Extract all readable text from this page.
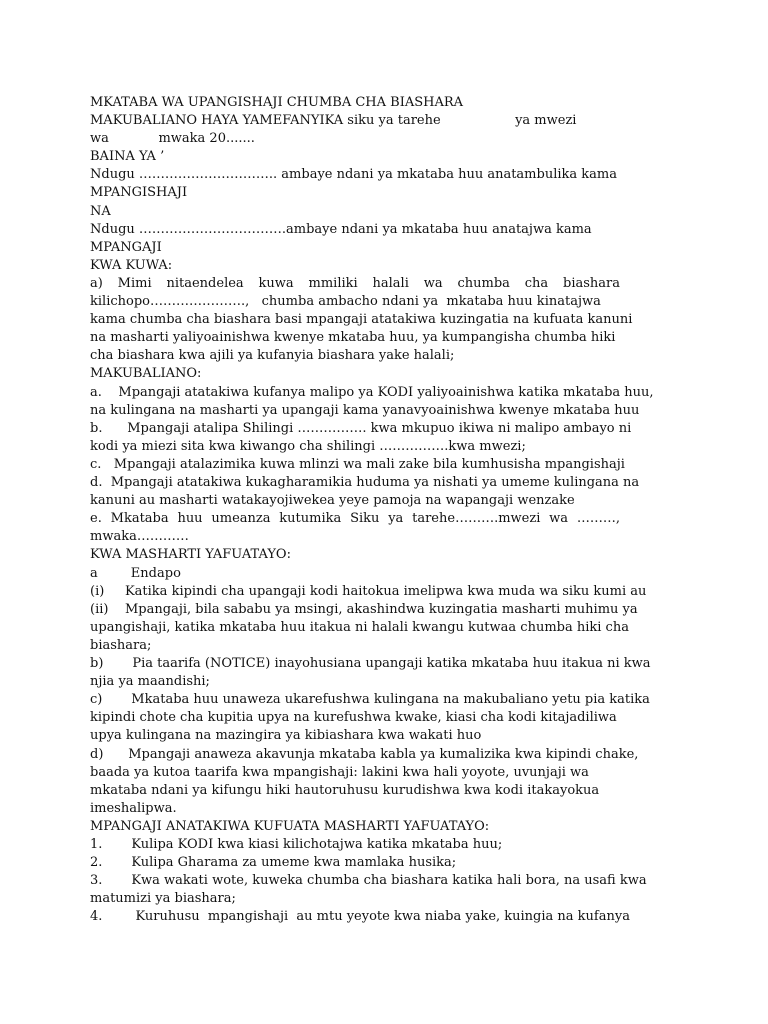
MKATABA WA UPANGISHAJI CHUMBA CHA BIASHARA

MAKUBALIANO HAYA YAMEFANYIKA siku ya tarehe                  ya mwezi

wa            mwaka 20.......

BAINA YA ’

Ndugu ………………………….. ambaye ndani ya mkataba huu anatambulika kama

MPANGISHAJI

NA

Ndugu …………………………….ambaye ndani ya mkataba huu anatajwa kama

MPANGAJI

KWA KUWA:

a) Mimi nitaendelea kuwa mmiliki halali wa chumba cha biashara

kilichopo………………….,   chumba ambacho ndani ya  mkataba huu kinatajwa

kama chumba cha biashara basi mpangaji atatakiwa kuzingatia na kufuata kanuni

na masharti yaliyoainishwa kwenye mkataba huu, ya kumpangisha chumba hiki

cha biashara kwa ajili ya kufanyia biashara yake halali;

MAKUBALIANO:

a.    Mpangaji atatakiwa kufanya malipo ya KODI yaliyoainishwa katika mkataba huu,

na kulingana na masharti ya upangaji kama yanavyoainishwa kwenye mkataba huu

b.      Mpangaji atalipa Shilingi ……………. kwa mkupuo ikiwa ni malipo ambayo ni

kodi ya miezi sita kwa kiwango cha shilingi …………….kwa mwezi;

c.   Mpangaji atalazimika kuwa mlinzi wa mali zake bila kumhusisha mpangishaji

d.  Mpangaji atatakiwa kukagharamikia huduma ya nishati ya umeme kulingana na

kanuni au masharti watakayojiwekea yeye pamoja na wapangaji wenzake

e. Mkataba huu umeanza kutumika Siku ya tarehe……….mwezi wa ………,

mwaka…………

KWA MASHARTI YAFUATAYO:

a        Endapo

(i)     Katika kipindi cha upangaji kodi haitokua imelipwa kwa muda wa siku kumi au

(ii)    Mpangaji, bila sababu ya msingi, akashindwa kuzingatia masharti muhimu ya

upangishaji, katika mkataba huu itakua ni halali kwangu kutwaa chumba hiki cha

biashara;

b)       Pia taarifa (NOTICE) inayohusiana upangaji katika mkataba huu itakua ni kwa

njia ya maandishi;

c)       Mkataba huu unaweza ukarefushwa kulingana na makubaliano yetu pia katika

kipindi chote cha kupitia upya na kurefushwa kwake, kiasi cha kodi kitajadiliwa

upya kulingana na mazingira ya kibiashara kwa wakati huo

d)      Mpangaji anaweza akavunja mkataba kabla ya kumalizika kwa kipindi chake,

baada ya kutoa taarifa kwa mpangishaji: lakini kwa hali yoyote, uvunjaji wa

mkataba ndani ya kifungu hiki hautoruhusu kurudishwa kwa kodi itakayokua

imeshalipwa.

MPANGAJI ANATAKIWA KUFUATA MASHARTI YAFUATAYO:

1.       Kulipa KODI kwa kiasi kilichotajwa katika mkataba huu;

2.       Kulipa Gharama za umeme kwa mamlaka husika;

3.       Kwa wakati wote, kuweka chumba cha biashara katika hali bora, na usafi kwa

matumizi ya biashara;

4.        Kuruhusu  mpangishaji  au mtu yeyote kwa niaba yake, kuingia na kufanya
